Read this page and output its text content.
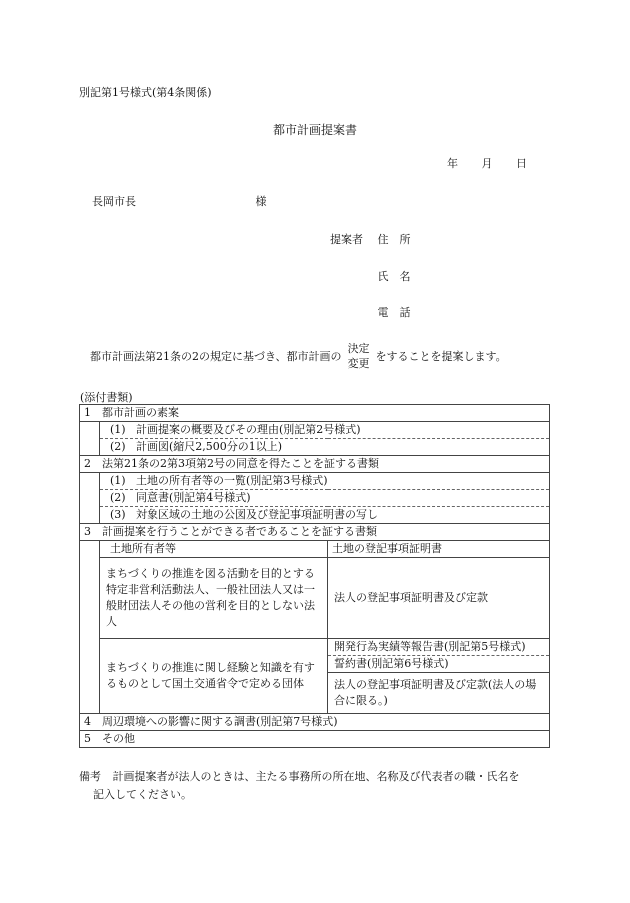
別記第1号様式(第4条関係)
都市計画提案書
年 月 日
長岡市長	様
提案者 住　所
氏　名
電　話
都市計画法第21条の2の規定に基づき、都市計画の決定
変更をすることを提案します。
(添付書類)
1 都市計画の素案		
	(1) 計画提案の概要及びその理由(別記第2号様式)	
	(2) 計画図(縮尺2,500分の1以上)	
2 法第21条の2第3項第2号の同意を得たことを証する書類		
	(1) 土地の所有者等の一覧(別記第3号様式)	
	(2) 同意書(別記第4号様式)	
	(3) 対象区域の土地の公図及び登記事項証明書の写し	
3 計画提案を行うことができる者であることを証する書類		
	土地所有者等	土地の登記事項証明書
	まちづくりの推進を図る活動を目的とする特定非営利活動法人、一般社団法人又は一般財団法人その他の営利を目的としない法人	法人の登記事項証明書及び定款
	まちづくりの推進に関し経験と知識を有するものとして国土交通省令で定める団体	開発行為実績等報告書(別記第5号様式)
		誓約書(別記第6号様式)
		法人の登記事項証明書及び定款(法人の場合に限る。)
4 周辺環境への影響に関する調書(別記第7号様式)		
5 その他		
備考 計画提案者が法人のときは、主たる事務所の所在地、名称及び代表者の職・氏名を
記入してください。
